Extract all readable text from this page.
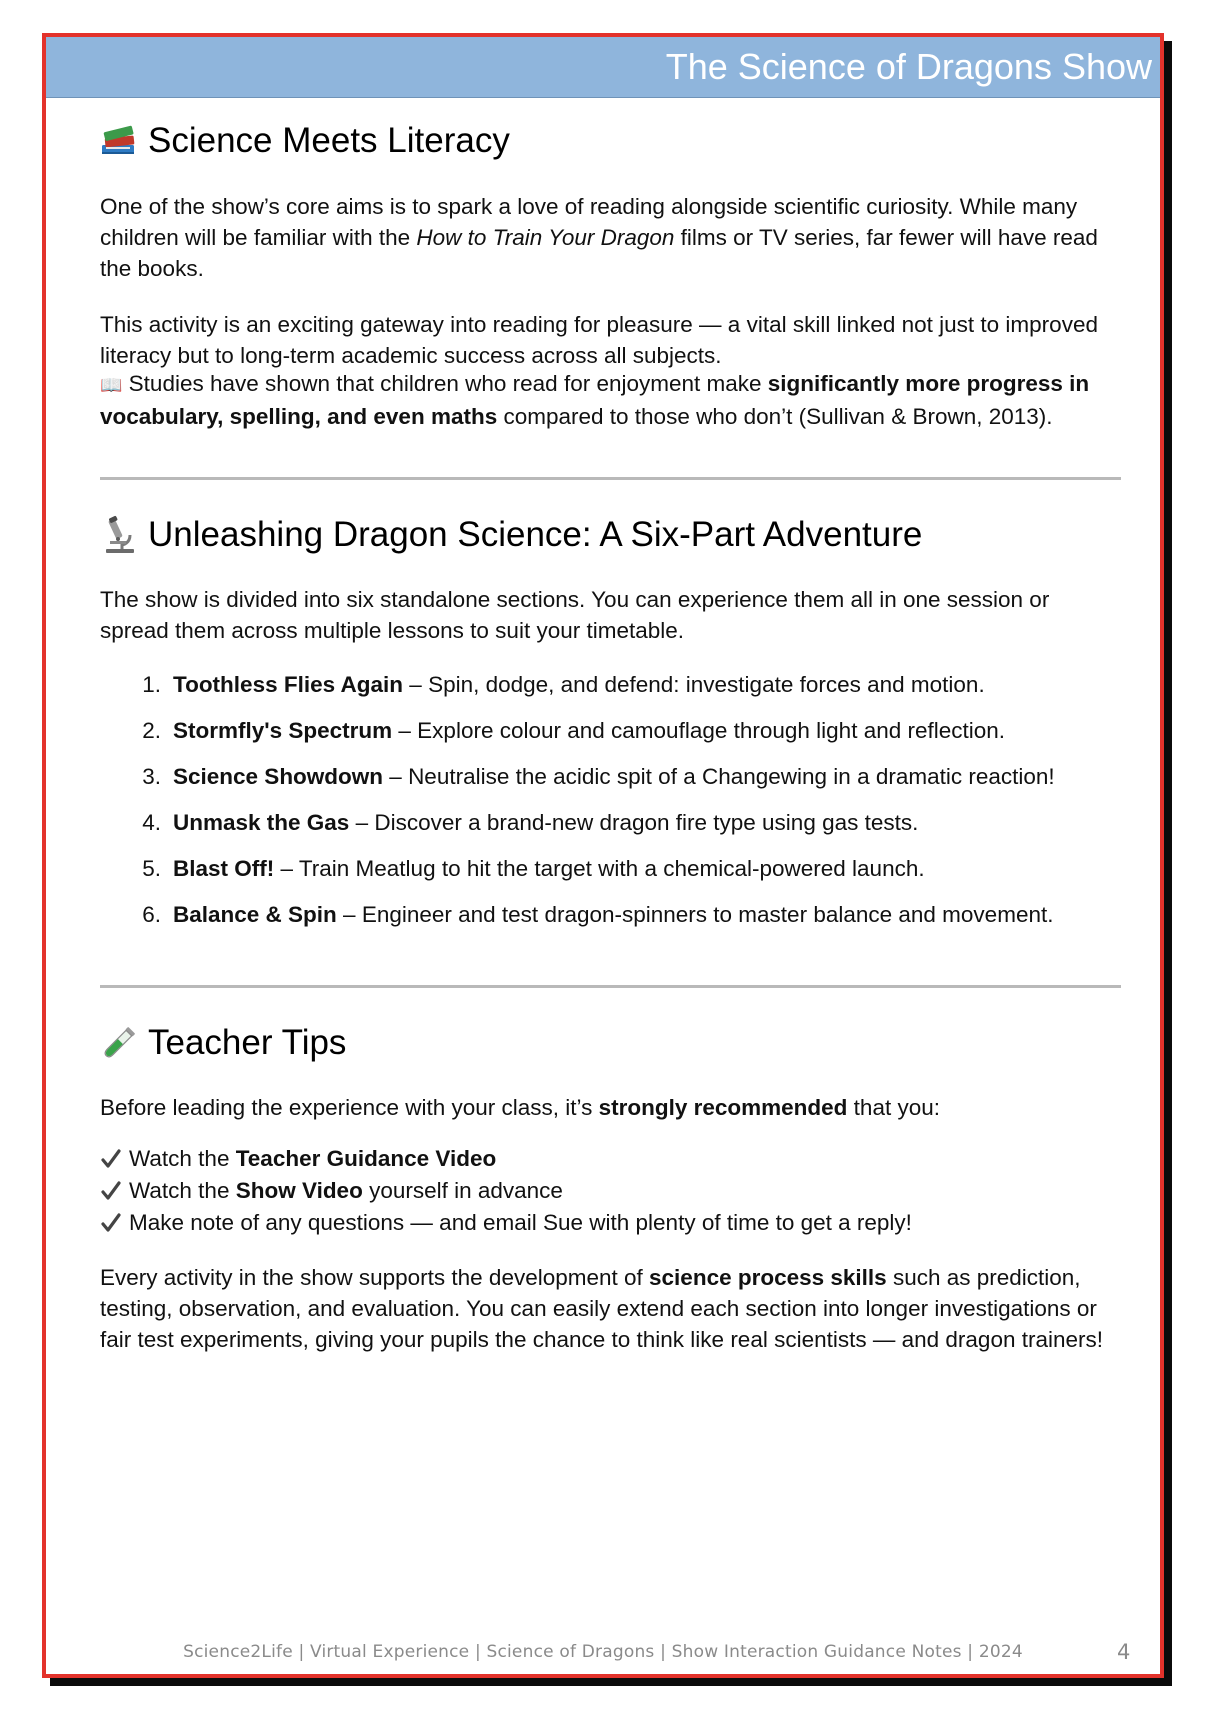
The Science of Dragons Show
Science Meets Literacy

One of the show’s core aims is to spark a love of reading alongside scientific curiosity. While many children will be familiar with the How to Train Your Dragon films or TV series, far fewer will have read the books.

This activity is an exciting gateway into reading for pleasure — a vital skill linked not just to improved literacy but to long-term academic success across all subjects.

📖 Studies have shown that children who read for enjoyment make significantly more progress in vocabulary, spelling, and even maths compared to those who don’t (Sullivan & Brown, 2013).

Unleashing Dragon Science: A Six-Part Adventure

The show is divided into six standalone sections. You can experience them all in one session or spread them across multiple lessons to suit your timetable.

1. Toothless Flies Again – Spin, dodge, and defend: investigate forces and motion.
2. Stormfly's Spectrum – Explore colour and camouflage through light and reflection.
3. Science Showdown – Neutralise the acidic spit of a Changewing in a dramatic reaction!
4. Unmask the Gas – Discover a brand-new dragon fire type using gas tests.
5. Blast Off! – Train Meatlug to hit the target with a chemical-powered launch.
6. Balance & Spin – Engineer and test dragon-spinners to master balance and movement.
Teacher Tips

Before leading the experience with your class, it’s strongly recommended that you:

Watch the Teacher Guidance Video
Watch the Show Video yourself in advance
Make note of any questions — and email Sue with plenty of time to get a reply!

Every activity in the show supports the development of science process skills such as prediction, testing, observation, and evaluation. You can easily extend each section into longer investigations or fair test experiments, giving your pupils the chance to think like real scientists — and dragon trainers!

Science2Life | Virtual Experience | Science of Dragons | Show Interaction Guidance Notes | 2024	4
